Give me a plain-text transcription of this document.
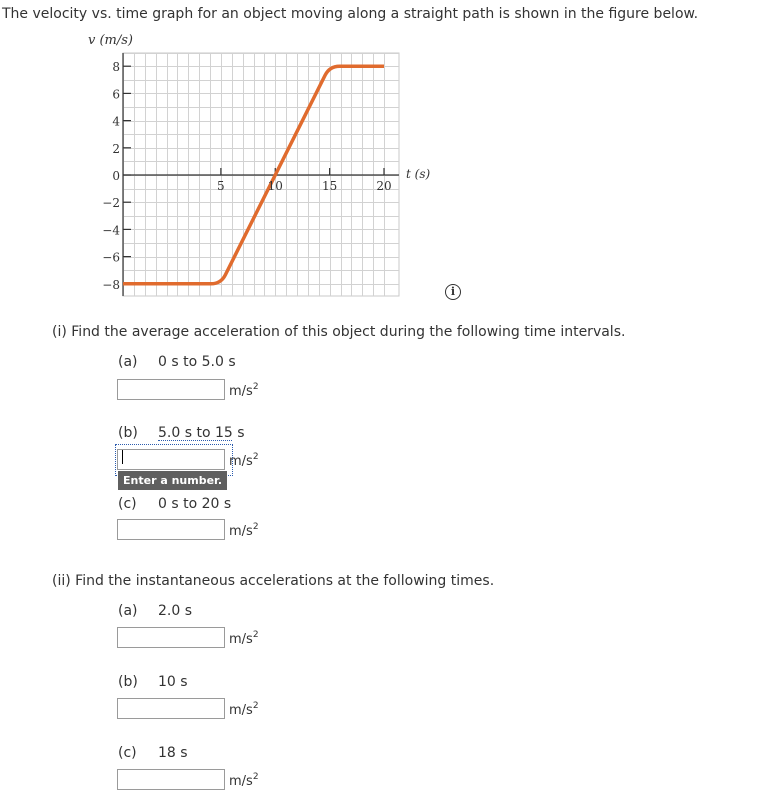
The velocity vs. time graph for an object moving along a straight path is shown in the figure below.
8
6
4
2
0
−2
−4
−6
−8
5	10	15	20
v (m/s)
t (s)
i
(i) Find the average acceleration of this object during the following time intervals.
(a) 0 s to 5.0 s
$m/s^2$
(b) 5.0 s to 15 s
$m/s^2$
Enter a number.
(c) 0 s to 20 s
$m/s^2$
(ii) Find the instantaneous accelerations at the following times.
(a) 2.0 s
$m/s^2$
(b) 10 s
$m/s^2$
(c) 18 s
$m/s^2$
